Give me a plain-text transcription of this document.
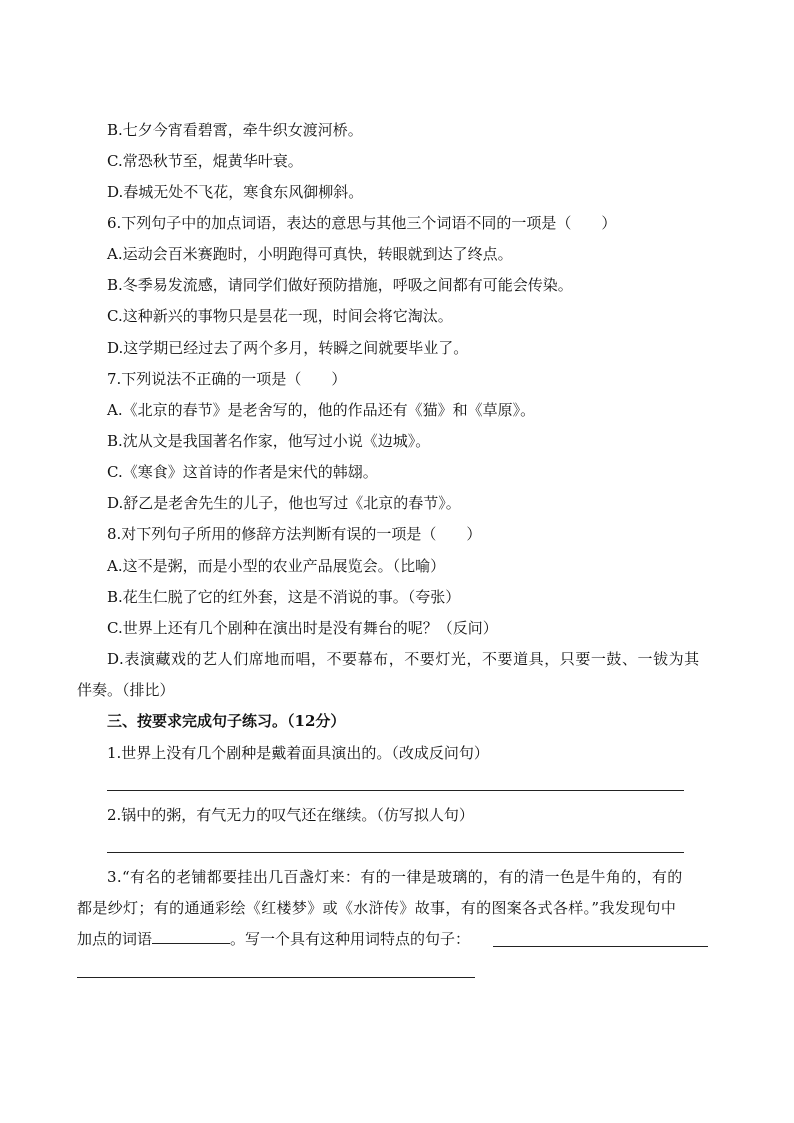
B.七夕今宵看碧霄，牵牛织女渡河桥。
C.常恐秋节至，焜黄华叶衰。
D.春城无处不飞花，寒食东风御柳斜。
6.下列句子中的加点词语，表达的意思与其他三个词语不同的一项是（　　）
A.运动会百米赛跑时，小明跑得可真快，转眼就到达了终点。
B.冬季易发流感，请同学们做好预防措施，呼吸之间都有可能会传染。
C.这种新兴的事物只是昙花一现，时间会将它淘汰。
D.这学期已经过去了两个多月，转瞬之间就要毕业了。
7.下列说法不正确的一项是（　　）
A.《北京的春节》是老舍写的，他的作品还有《猫》和《草原》。
B.沈从文是我国著名作家，他写过小说《边城》。
C.《寒食》这首诗的作者是宋代的韩翃。
D.舒乙是老舍先生的儿子，他也写过《北京的春节》。
8.对下列句子所用的修辞方法判断有误的一项是（　　）
A.这不是粥，而是小型的农业产品展览会。（比喻）
B.花生仁脱了它的红外套，这是不消说的事。（夸张）
C.世界上还有几个剧种在演出时是没有舞台的呢？（反问）
D.表演藏戏的艺人们席地而唱，不要幕布，不要灯光，不要道具，只要一鼓、一钹为其
伴奏。（排比）
三、按要求完成句子练习。（12分）
1.世界上没有几个剧种是戴着面具演出的。（改成反问句）
2.锅中的粥，有气无力的叹气还在继续。（仿写拟人句）
3.“有名的老铺都要挂出几百盏灯来：有的一律是玻璃的，有的清一色是牛角的，有的
都是纱灯；有的通通彩绘《红楼梦》或《水浒传》故事，有的图案各式各样。”我发现句中
加点的词语	。写一个具有这种用词特点的句子：
